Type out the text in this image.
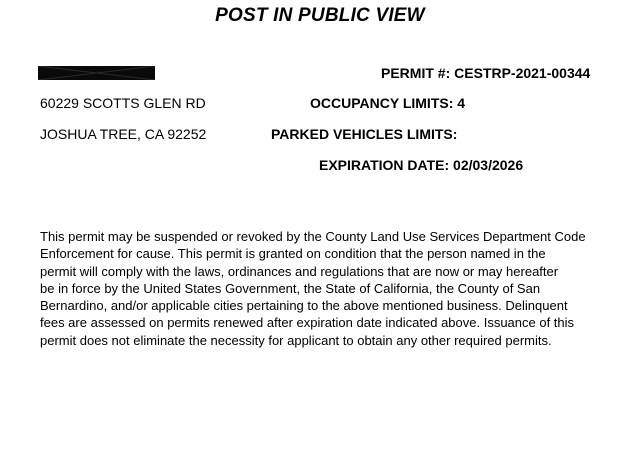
POST IN PUBLIC VIEW
60229 SCOTTS GLEN RD
JOSHUA TREE, CA 92252
PERMIT #: CESTRP-2021-00344
OCCUPANCY LIMITS: 4
PARKED VEHICLES LIMITS:
EXPIRATION DATE: 02/03/2026

This permit may be suspended or revoked by the County Land Use Services Department Code
Enforcement for cause. This permit is granted on condition that the person named in the
permit will comply with the laws, ordinances and regulations that are now or may hereafter
be in force by the United States Government, the State of California, the County of San
Bernardino, and/or applicable cities pertaining to the above mentioned business. Delinquent
fees are assessed on permits renewed after expiration date indicated above. Issuance of this
permit does not eliminate the necessity for applicant to obtain any other required permits.
